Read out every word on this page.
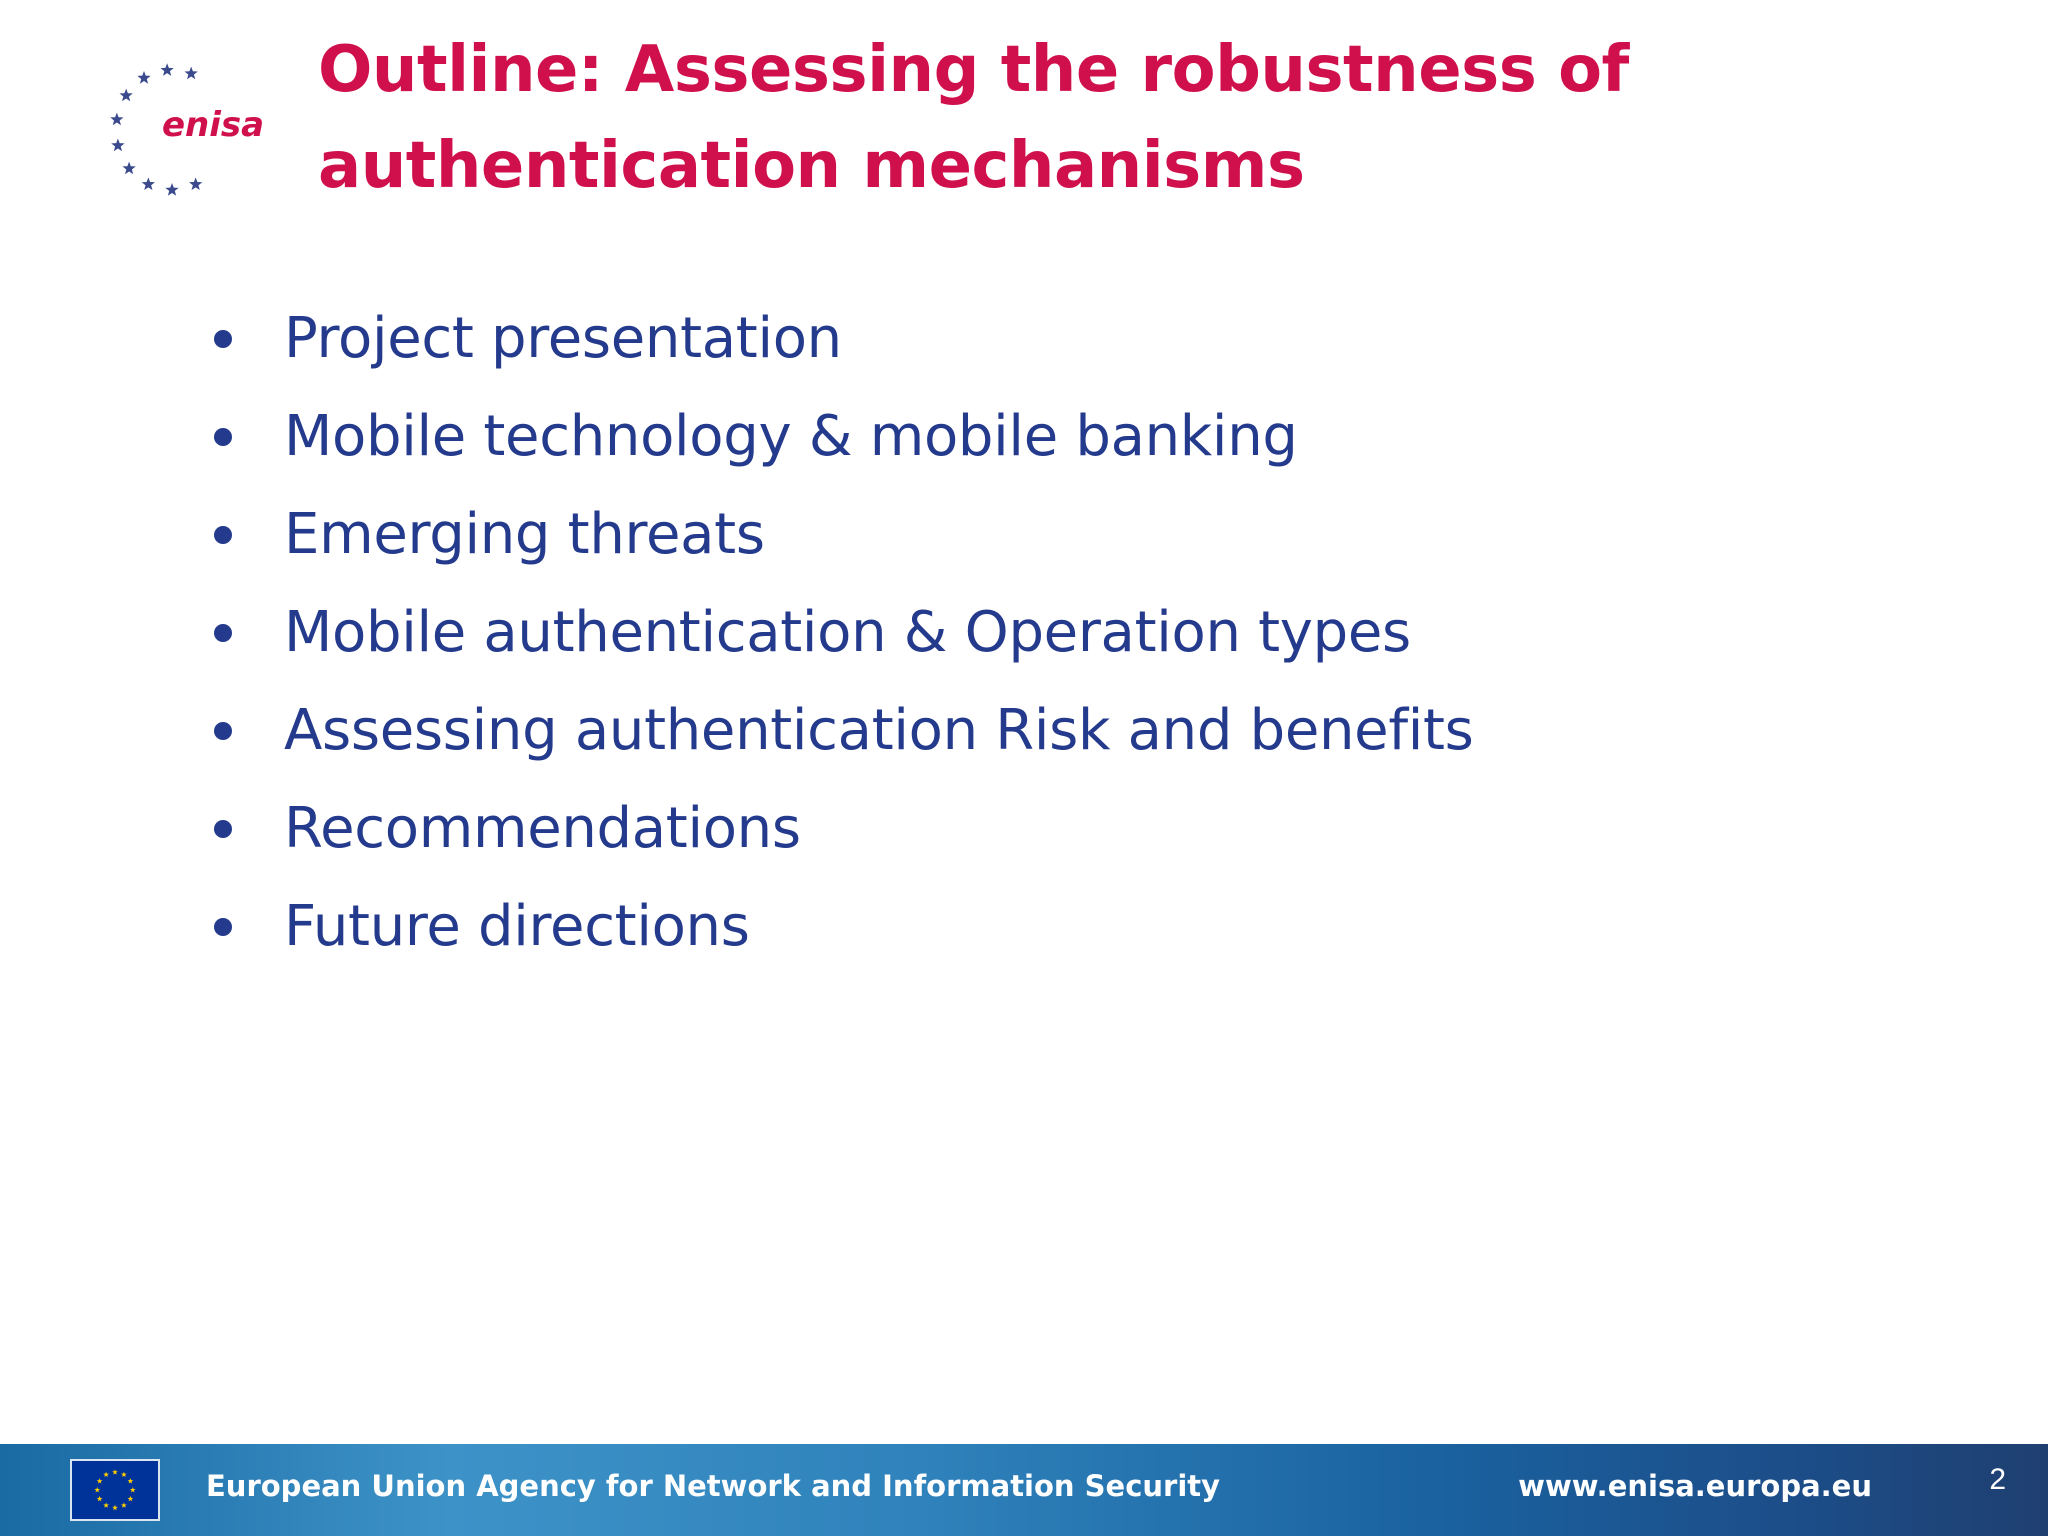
enisa
Outline: Assessing the robustness of
authentication mechanisms
Project presentation
Mobile technology & mobile banking
Emerging threats
Mobile authentication & Operation types
Assessing authentication Risk and benefits
Recommendations
Future directions
European Union Agency for Network and Information Security	www.enisa.europa.eu	2
